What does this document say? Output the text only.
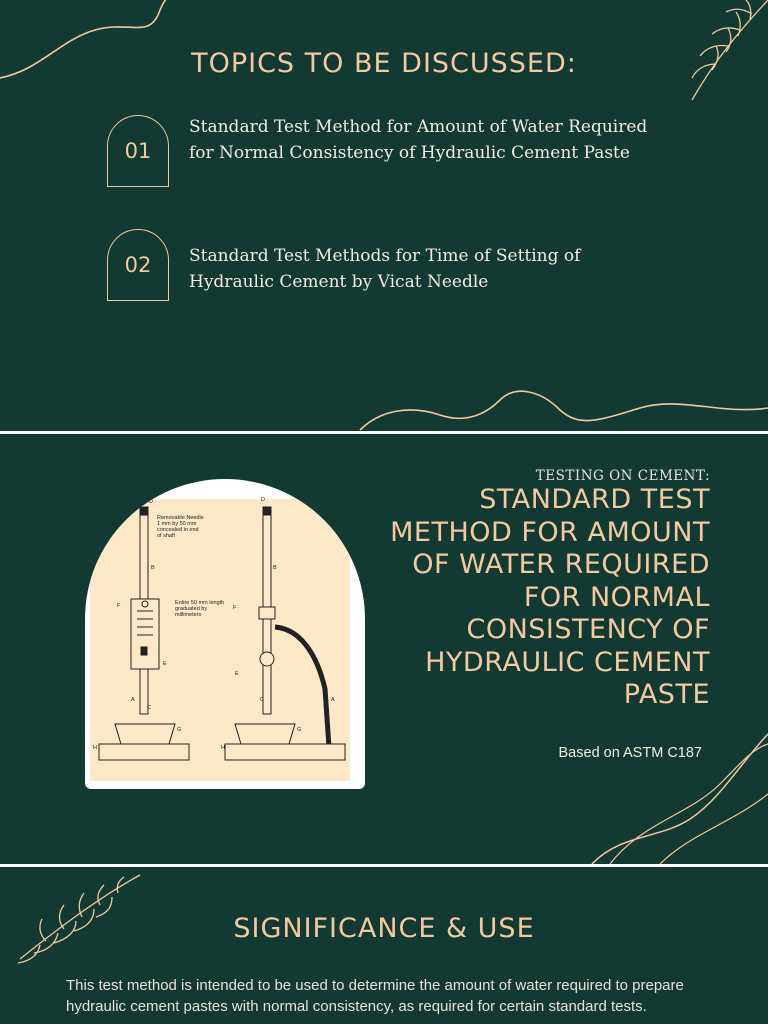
TOPICS TO BE DISCUSSED:
01
Standard Test Method for Amount of Water Required for Normal Consistency of Hydraulic Cement Paste
02 Standard Test Methods for Time of Setting of Hydraulic Cement by Vicat Needle
D
Removable Needle
1 mm by 50 mm
concealed in end
of shaft
Entire 50 mm length
graduated by
millimeters
B
F
E
A
C
G
H
D
B
F
E
A
C
G
H
TESTING ON CEMENT:
STANDARD TEST METHOD FOR AMOUNT OF WATER REQUIRED FOR NORMAL CONSISTENCY OF HYDRAULIC CEMENT PASTE
Based on ASTM C187
SIGNIFICANCE & USE
This test method is intended to be used to determine the amount of water required to prepare hydraulic cement pastes with normal consistency, as required for certain standard tests.
